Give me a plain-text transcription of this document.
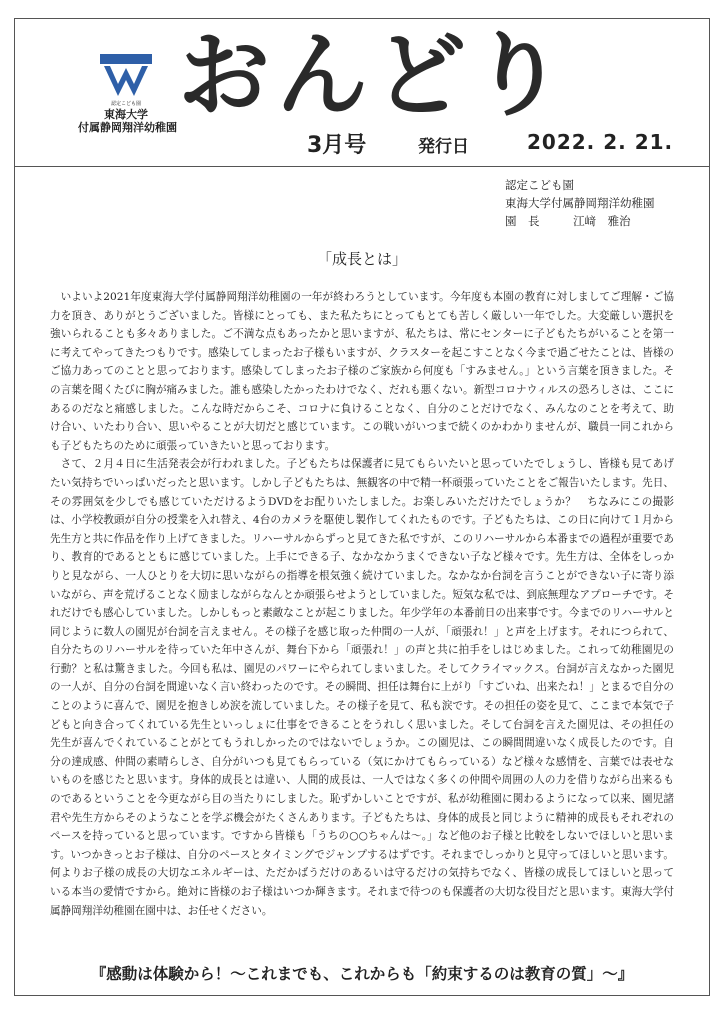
認定こども園
東海大学
付属静岡翔洋幼稚園 おんどり
3月号	発行日	2022. 2. 21.
認定こども園
東海大学付属静岡翔洋幼稚園
園　長	江﨑　雅治
「成長とは」

いよいよ2021年度東海大学付属静岡翔洋幼稚園の一年が終わろうとしています。今年度も本園の教育に対しましてご理解・ご協力を頂き、ありがとうございました。皆様にとっても、また私たちにとってもとても苦しく厳しい一年でした。大変厳しい選択を強いられることも多々ありました。ご不満な点もあったかと思いますが、私たちは、常にセンターに子どもたちがいることを第一に考えてやってきたつもりです。感染してしまったお子様もいますが、クラスターを起こすことなく今まで過ごせたことは、皆様のご協力あってのことと思っております。感染してしまったお子様のご家族から何度も「すみません。」という言葉を頂きました。その言葉を聞くたびに胸が痛みました。誰も感染したかったわけでなく、だれも悪くない。新型コロナウィルスの恐ろしさは、ここにあるのだなと痛感しました。こんな時だからこそ、コロナに負けることなく、自分のことだけでなく、みんなのことを考えて、助け合い、いたわり合い、思いやることが大切だと感じています。この戦いがいつまで続くのかわかりませんが、職員一同これからも子どもたちのために頑張っていきたいと思っております。

さて、２月４日に生活発表会が行われました。子どもたちは保護者に見てもらいたいと思っていたでしょうし、皆様も見てあげたい気持ちでいっぱいだったと思います。しかし子どもたちは、無観客の中で精一杯頑張っていたことをご報告いたします。先日、その雰囲気を少しでも感じていただけるようDVDをお配りいたしました。お楽しみいただけたでしょうか？　ちなみにこの撮影は、小学校教頭が自分の授業を入れ替え、4台のカメラを駆使し製作してくれたものです。子どもたちは、この日に向けて１月から先生方と共に作品を作り上げてきました。リハーサルからずっと見てきた私ですが、このリハーサルから本番までの過程が重要であり、教育的であるとともに感じていました。上手にできる子、なかなかうまくできない子など様々です。先生方は、全体をしっかりと見ながら、一人ひとりを大切に思いながらの指導を根気強く続けていました。なかなか台詞を言うことができない子に寄り添いながら、声を荒げることなく励ましながらなんとか頑張らせようとしていました。短気な私では、到底無理なアプローチです。それだけでも感心していました。しかしもっと素敵なことが起こりました。年少学年の本番前日の出来事です。今までのリハーサルと同じように数人の園児が台詞を言えません。その様子を感じ取った仲間の一人が、「頑張れ！」と声を上げます。それにつられて、自分たちのリハーサルを待っていた年中さんが、舞台下から「頑張れ！」の声と共に拍手をしはじめました。これって幼稚園児の行動？と私は驚きました。今回も私は、園児のパワーにやられてしまいました。そしてクライマックス。台詞が言えなかった園児の一人が、自分の台詞を間違いなく言い終わったのです。その瞬間、担任は舞台に上がり「すごいね、出来たね！」とまるで自分のことのように喜んで、園児を抱きしめ涙を流していました。その様子を見て、私も涙です。その担任の姿を見て、ここまで本気で子どもと向き合ってくれている先生といっしょに仕事をできることをうれしく思いました。そして台詞を言えた園児は、その担任の先生が喜んでくれていることがとてもうれしかったのではないでしょうか。この園児は、この瞬間間違いなく成長したのです。自分の達成感、仲間の素晴らしさ、自分がいつも見てもらっている（気にかけてもらっている）など様々な感情を、言葉では表せないものを感じたと思います。身体的成長とは違い、人間的成長は、一人ではなく多くの仲間や周囲の人の力を借りながら出来るものであるということを今更ながら目の当たりにしました。恥ずかしいことですが、私が幼稚園に関わるようになって以来、園児諸君や先生方からそのようなことを学ぶ機会がたくさんあります。子どもたちは、身体的成長と同じように精神的成長もそれぞれのペースを持っていると思っています。ですから皆様も「うちの○○ちゃんは～。」など他のお子様と比較をしないでほしいと思います。いつかきっとお子様は、自分のペースとタイミングでジャンプするはずです。それまでしっかりと見守ってほしいと思います。何よりお子様の成長の大切なエネルギーは、ただかばうだけのあるいは守るだけの気持ちでなく、皆様の成長してほしいと思っている本当の愛情ですから。絶対に皆様のお子様はいつか輝きます。それまで待つのも保護者の大切な役目だと思います。東海大学付属静岡翔洋幼稚園在園中は、お任せください。

『感動は体験から！～これまでも、これからも「約束するのは教育の質」～』
